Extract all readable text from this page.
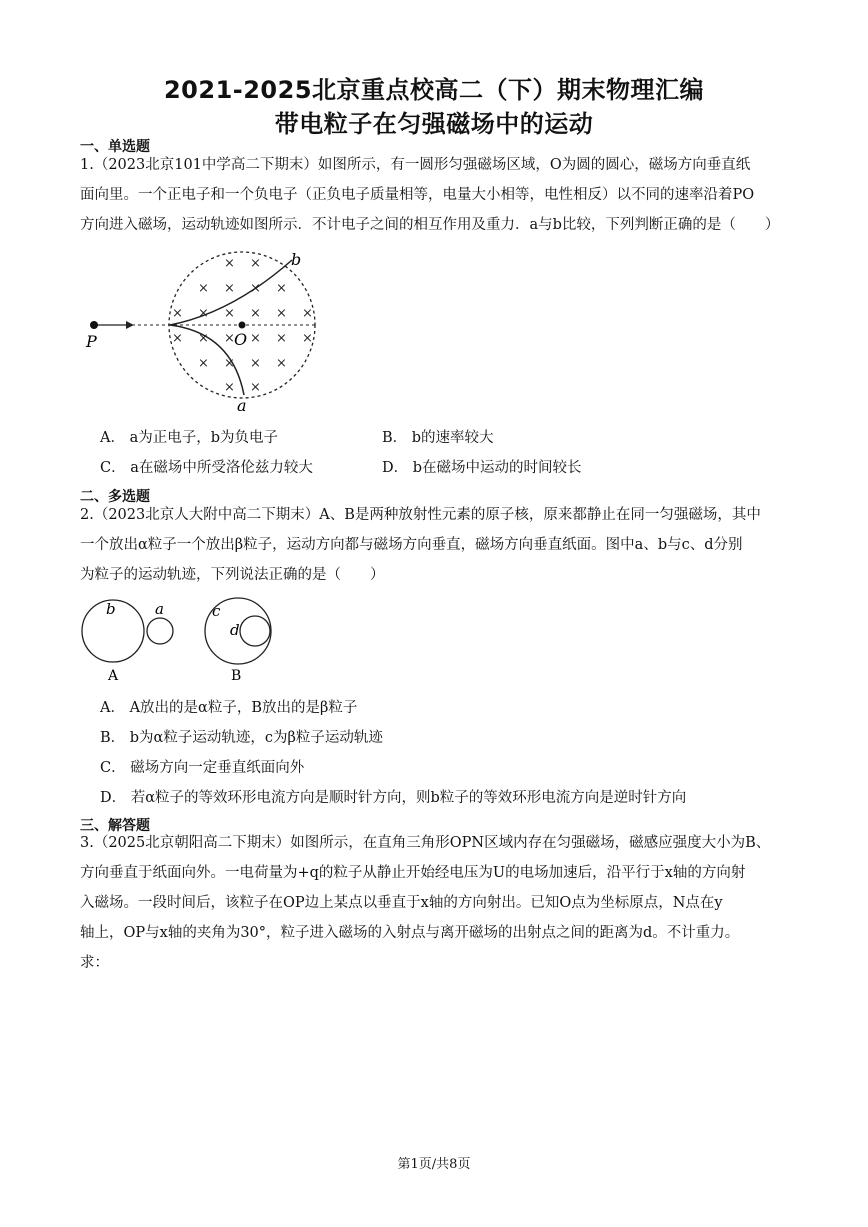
2021-2025北京重点校高二（下）期末物理汇编
带电粒子在匀强磁场中的运动
一、单选题
1.（2023北京101中学高二下期末）如图所示，有一圆形匀强磁场区域，O为圆的圆心，磁场方向垂直纸
面向里。一个正电子和一个负电子（正负电子质量相等，电量大小相等，电性相反）以不同的速率沿着PO
方向进入磁场，运动轨迹如图所示．不计电子之间的相互作用及重力．a与b比较，下列判断正确的是（　　）
× ×
× × × ×
× × × × × ×
× × × × × ×
× × × ×
× ×
P	O
b
a
A． a为正电子，b为负电子	B． b的速率较大
C． a在磁场中所受洛伦兹力较大	D． b在磁场中运动的时间较长
二、多选题
2.（2023北京人大附中高二下期末）A、B是两种放射性元素的原子核，原来都静止在同一匀强磁场，其中
一个放出α粒子一个放出β粒子，运动方向都与磁场方向垂直，磁场方向垂直纸面。图中a、b与c、d分别
为粒子的运动轨迹，下列说法正确的是（　　）
b	a	c
d
A	B
A． A放出的是α粒子，B放出的是β粒子
B． b为α粒子运动轨迹，c为β粒子运动轨迹
C． 磁场方向一定垂直纸面向外
D． 若α粒子的等效环形电流方向是顺时针方向，则b粒子的等效环形电流方向是逆时针方向
三、解答题
3.（2025北京朝阳高二下期末）如图所示，在直角三角形OPN区域内存在匀强磁场，磁感应强度大小为B、
方向垂直于纸面向外。一电荷量为+q的粒子从静止开始经电压为U的电场加速后，沿平行于x轴的方向射
入磁场。一段时间后，该粒子在OP边上某点以垂直于x轴的方向射出。已知O点为坐标原点，N点在y
轴上，OP与x轴的夹角为30°，粒子进入磁场的入射点与离开磁场的出射点之间的距离为d。不计重力。
求：
第1页/共8页
